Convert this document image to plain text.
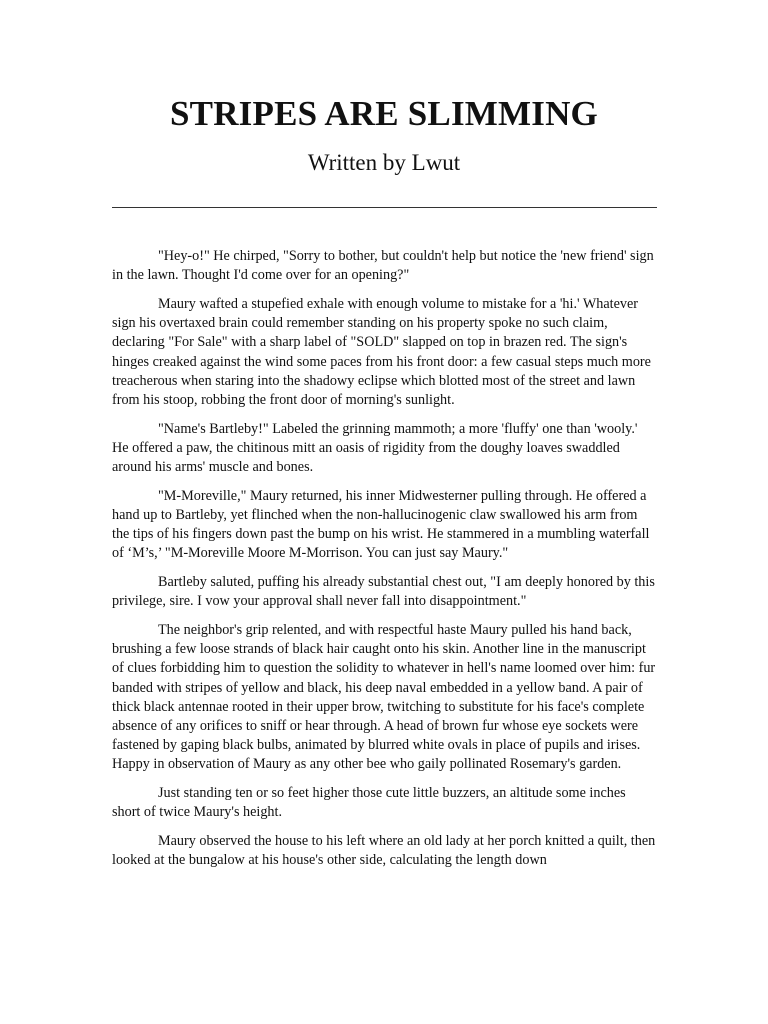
STRIPES ARE SLIMMING
Written by Lwut

"Hey-o!" He chirped, "Sorry to bother, but couldn't help but notice the 'new friend' sign in the lawn. Thought I'd come over for an opening?"

Maury wafted a stupefied exhale with enough volume to mistake for a 'hi.' Whatever sign his overtaxed brain could remember standing on his property spoke no such claim, declaring "For Sale" with a sharp label of "SOLD" slapped on top in brazen red. The sign's hinges creaked against the wind some paces from his front door: a few casual steps much more treacherous when staring into the shadowy eclipse which blotted most of the street and lawn from his stoop, robbing the front door of morning's sunlight.

"Name's Bartleby!" Labeled the grinning mammoth; a more 'fluffy' one than 'wooly.' He offered a paw, the chitinous mitt an oasis of rigidity from the doughy loaves swaddled around his arms' muscle and bones.

"M-Moreville," Maury returned, his inner Midwesterner pulling through. He offered a hand up to Bartleby, yet flinched when the non-hallucinogenic claw swallowed his arm from the tips of his fingers down past the bump on his wrist. He stammered in a mumbling waterfall of ‘M’s,’ "M-Moreville Moore M-Morrison. You can just say Maury."

Bartleby saluted, puffing his already substantial chest out, "I am deeply honored by this privilege, sire. I vow your approval shall never fall into disappointment."

The neighbor's grip relented, and with respectful haste Maury pulled his hand back, brushing a few loose strands of black hair caught onto his skin. Another line in the manuscript of clues forbidding him to question the solidity to whatever in hell's name loomed over him: fur banded with stripes of yellow and black, his deep naval embedded in a yellow band. A pair of thick black antennae rooted in their upper brow, twitching to substitute for his face's complete absence of any orifices to sniff or hear through. A head of brown fur whose eye sockets were fastened by gaping black bulbs, animated by blurred white ovals in place of pupils and irises. Happy in observation of Maury as any other bee who gaily pollinated Rosemary's garden.

Just standing ten or so feet higher those cute little buzzers, an altitude some inches short of twice Maury's height.

Maury observed the house to his left where an old lady at her porch knitted a quilt, then looked at the bungalow at his house's other side, calculating the length down
